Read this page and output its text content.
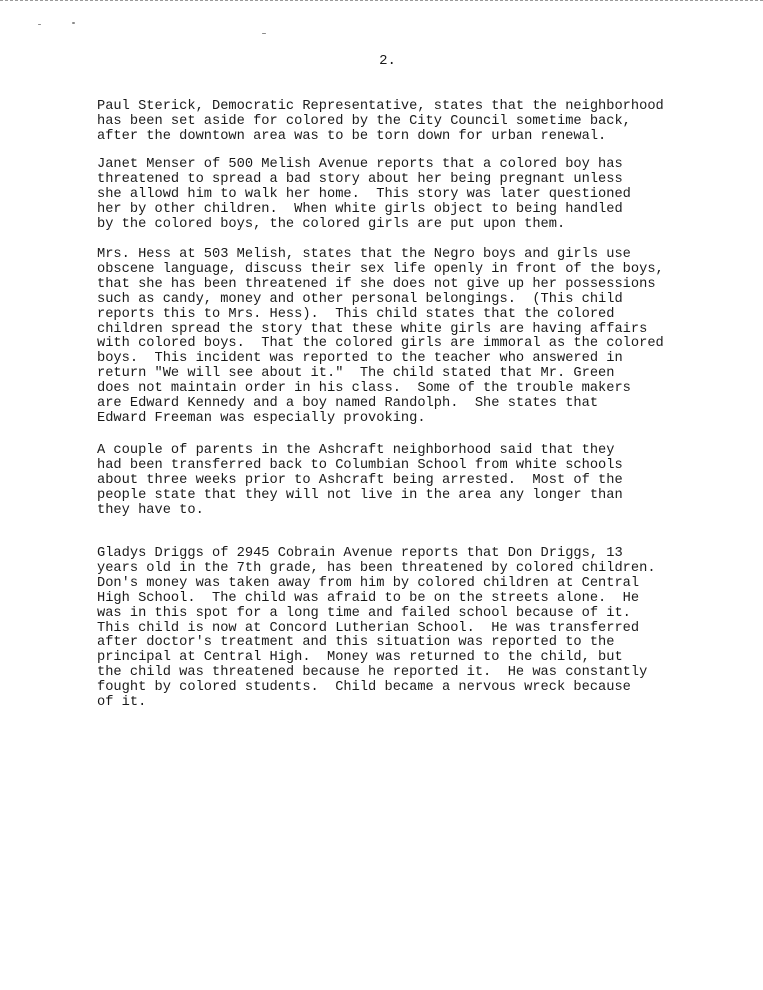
2.
Paul Sterick, Democratic Representative, states that the neighborhood
has been set aside for colored by the City Council sometime back,
after the downtown area was to be torn down for urban renewal.
Janet Menser of 500 Melish Avenue reports that a colored boy has
threatened to spread a bad story about her being pregnant unless
she allowd him to walk her home.  This story was later questioned
her by other children.  When white girls object to being handled
by the colored boys, the colored girls are put upon them.
Mrs. Hess at 503 Melish, states that the Negro boys and girls use
obscene language, discuss their sex life openly in front of the boys,
that she has been threatened if she does not give up her possessions
such as candy, money and other personal belongings.  (This child
reports this to Mrs. Hess).  This child states that the colored
children spread the story that these white girls are having affairs
with colored boys.  That the colored girls are immoral as the colored
boys.  This incident was reported to the teacher who answered in
return "We will see about it."  The child stated that Mr. Green
does not maintain order in his class.  Some of the trouble makers
are Edward Kennedy and a boy named Randolph.  She states that
Edward Freeman was especially provoking.
A couple of parents in the Ashcraft neighborhood said that they
had been transferred back to Columbian School from white schools
about three weeks prior to Ashcraft being arrested.  Most of the
people state that they will not live in the area any longer than
they have to.
Gladys Driggs of 2945 Cobrain Avenue reports that Don Driggs, 13
years old in the 7th grade, has been threatened by colored children.
Don's money was taken away from him by colored children at Central
High School.  The child was afraid to be on the streets alone.  He
was in this spot for a long time and failed school because of it.
This child is now at Concord Lutherian School.  He was transferred
after doctor's treatment and this situation was reported to the
principal at Central High.  Money was returned to the child, but
the child was threatened because he reported it.  He was constantly
fought by colored students.  Child became a nervous wreck because
of it.
